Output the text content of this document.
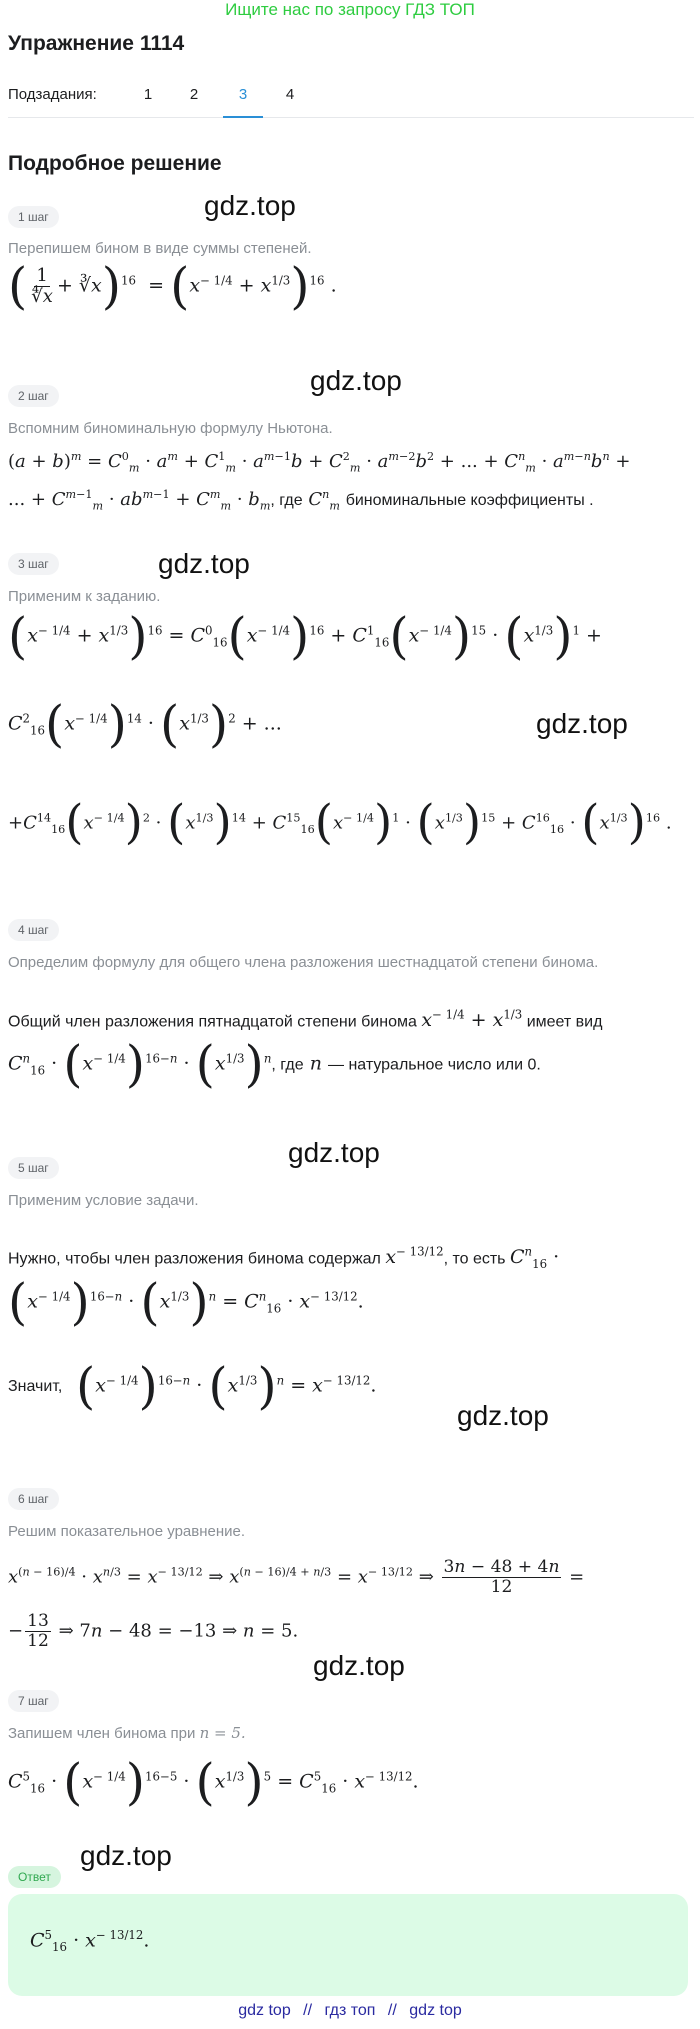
Ищите нас по запросу ГДЗ ТОП
Упражнение 1114
Подзадания:	1	2	3	4
Подробное решение
1 шаг	gdz.top
Перепишем бином в виде суммы степеней.
( $\frac{1}{∜x}$ + ∛x)$^{16}$  = $(x^{- 1/4} + x^{1/3})^{16}$ .
2 шаг	gdz.top
Вспомним биноминальную формулу Ньютона.
$(a + b)^m = C^0_m \cdot a^m + C^1_m \cdot a^{m-1}b + C^2_m \cdot a^{m-2}b^2$ + ... + $C^n_m \cdot a^{m-n}b^n$ +
... + $C^{m-1}_m \cdot ab^{m-1} + C^m_m \cdot b_m$, где $C^n_m$ биноминальные коэффициенты .
3 шаг	gdz.top
Применим к заданию.
$(x^{- 1/4} + x^{1/3})^{16} = C^0_{16}(x^{- 1/4})^{16} + C^1_{16}(x^{- 1/4})^{15} \cdot (x^{1/3})^1$ +
gdz.top
$C^2_{16}(x^{- 1/4})^{14} \cdot (x^{1/3})^2$ + ...
$+C^{14}_{16}(x^{- 1/4})^2 \cdot (x^{1/3})^{14} + C^{15}_{16}(x^{- 1/4})^1 \cdot (x^{1/3})^{15} + C^{16}_{16} \cdot (x^{1/3})^{16}$ .
4 шаг
Определим формулу для общего члена разложения шестнадцатой степени бинома.
Общий член разложения пятнадцатой степени бинома $x^{- 1/4} + x^{1/3}$ имеет вид
$C^n_{16} \cdot (x^{- 1/4})^{16-n} \cdot (x^{1/3})^n$, где n — натуральное число или 0.
gdz.top
5 шаг
Применим условие задачи.
Нужно, чтобы член разложения бинома содержал $x^{- 13/12}$, то есть $C^n_{16}$ ·
$(x^{- 1/4})^{16-n} \cdot (x^{1/3})^n = C^n_{16} \cdot x^{- 13/12}$.
Значит, $(x^{- 1/4})^{16-n} \cdot (x^{1/3})^n = x^{- 13/12}$.
gdz.top
6 шаг
Решим показательное уравнение.
$x^{(n - 16)/4} \cdot x^{n/3} = x^{- 13/12}$ ⇒ $x^{(n - 16)/4 + n/3} = x^{- 13/12}$ ⇒ $\frac{3n - 48 + 4n}{12}$ =
− $\frac{13}{12}$ ⇒ 7n − 48 = −13 ⇒ n = 5.
gdz.top
7 шаг
Запишем член бинома при n = 5.
$C^5_{16} \cdot (x^{- 1/4})^{16-5} \cdot (x^{1/3})^5 = C^5_{16} \cdot x^{- 13/12}$.
Ответ
gdz.top
$C^5_{16} \cdot x^{- 13/12}$.
gdz top // гдз топ // gdz top
